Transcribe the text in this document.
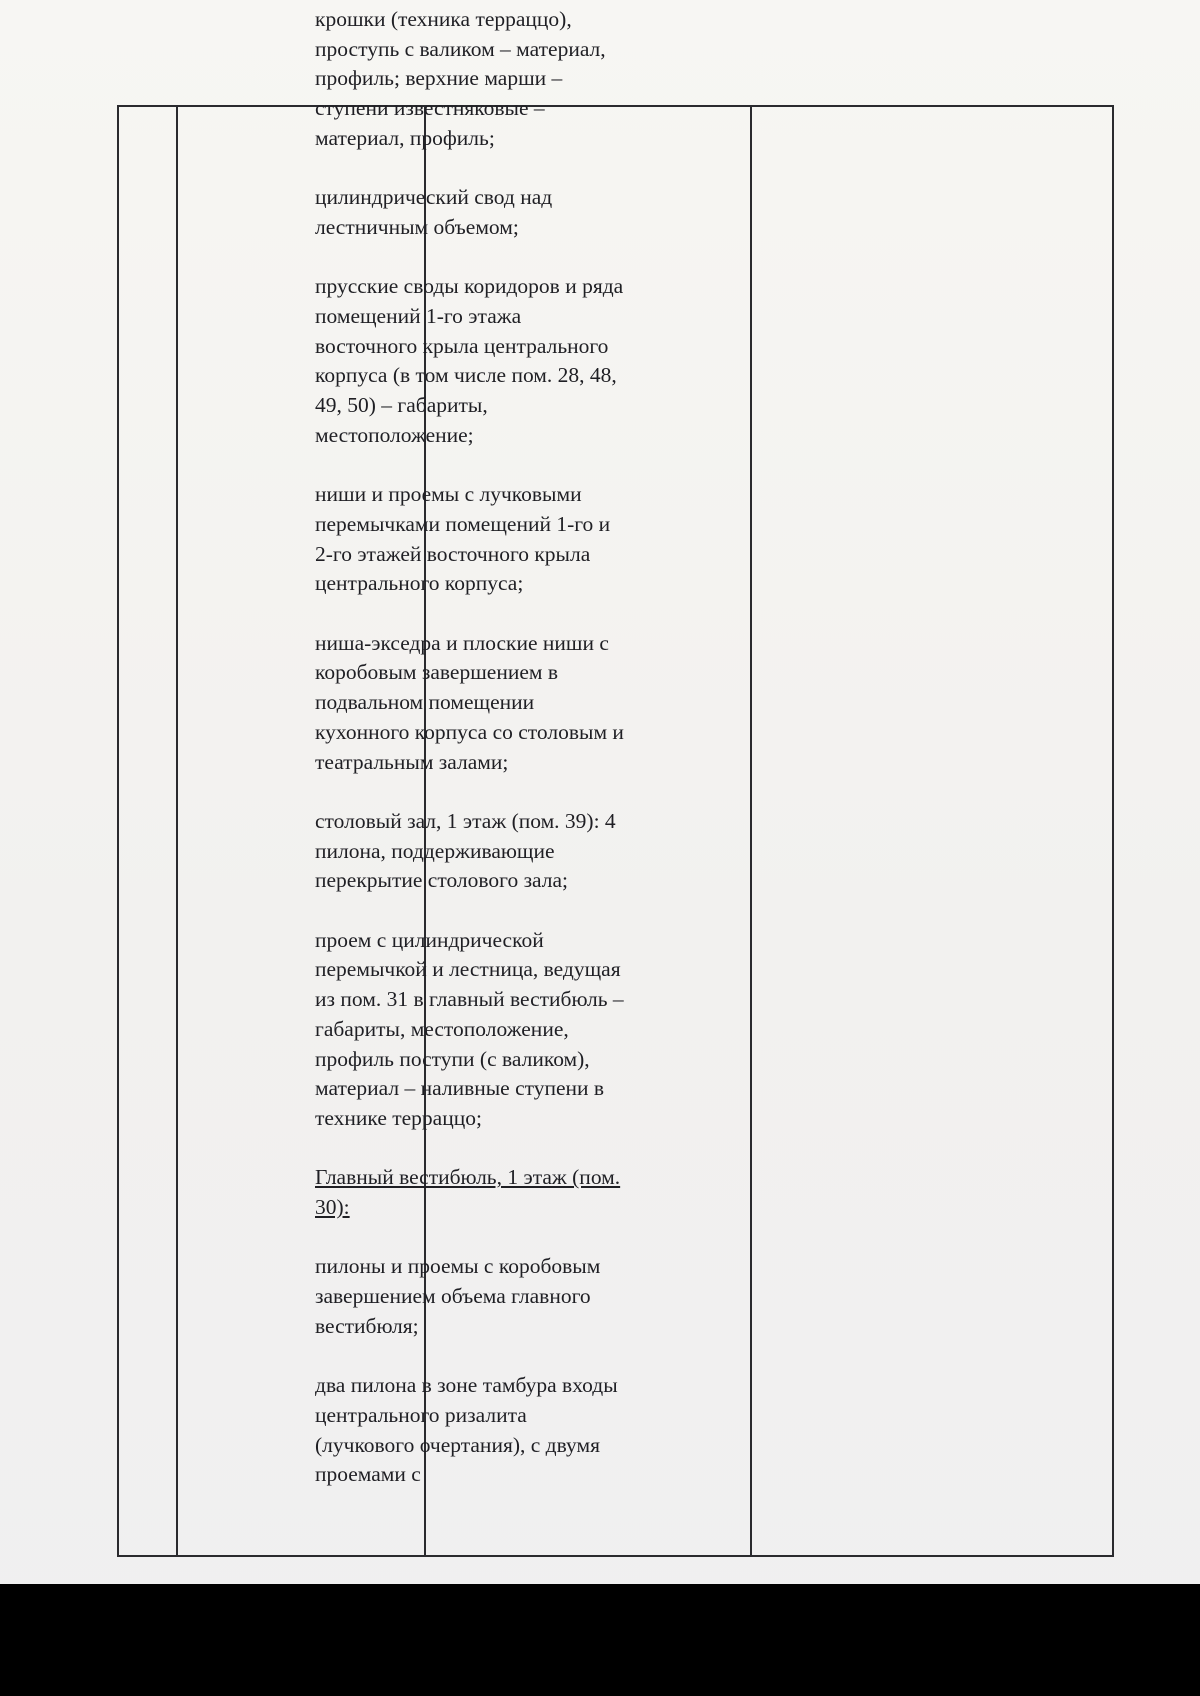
крошки (техника терраццо), проступь с валиком – материал, профиль; верхние марши – ступени известняковые – материал, профиль;

цилиндрический свод над лестничным объемом;

прусские своды коридоров и ряда помещений 1-го этажа восточного крыла центрального корпуса (в том числе пом. 28, 48, 49, 50) – габариты, местоположение;

ниши и проемы с лучковыми перемычками помещений 1-го и 2-го этажей восточного крыла центрального корпуса;

ниша-экседра и плоские ниши с коробовым завершением в подвальном помещении кухонного корпуса со столовым и театральным залами;

столовый зал, 1 этаж (пом. 39): 4 пилона, поддерживающие перекрытие столового зала;

проем с цилиндрической перемычкой и лестница, ведущая из пом. 31 в главный вестибюль – габариты, местоположение, профиль поступи (с валиком), материал – наливные ступени в технике терраццо;

Главный вестибюль, 1 этаж (пом. 30):

пилоны и проемы с коробовым завершением объема главного вестибюля;

два пилона в зоне тамбура входы центрального ризалита (лучкового очертания), с двумя проемами с
